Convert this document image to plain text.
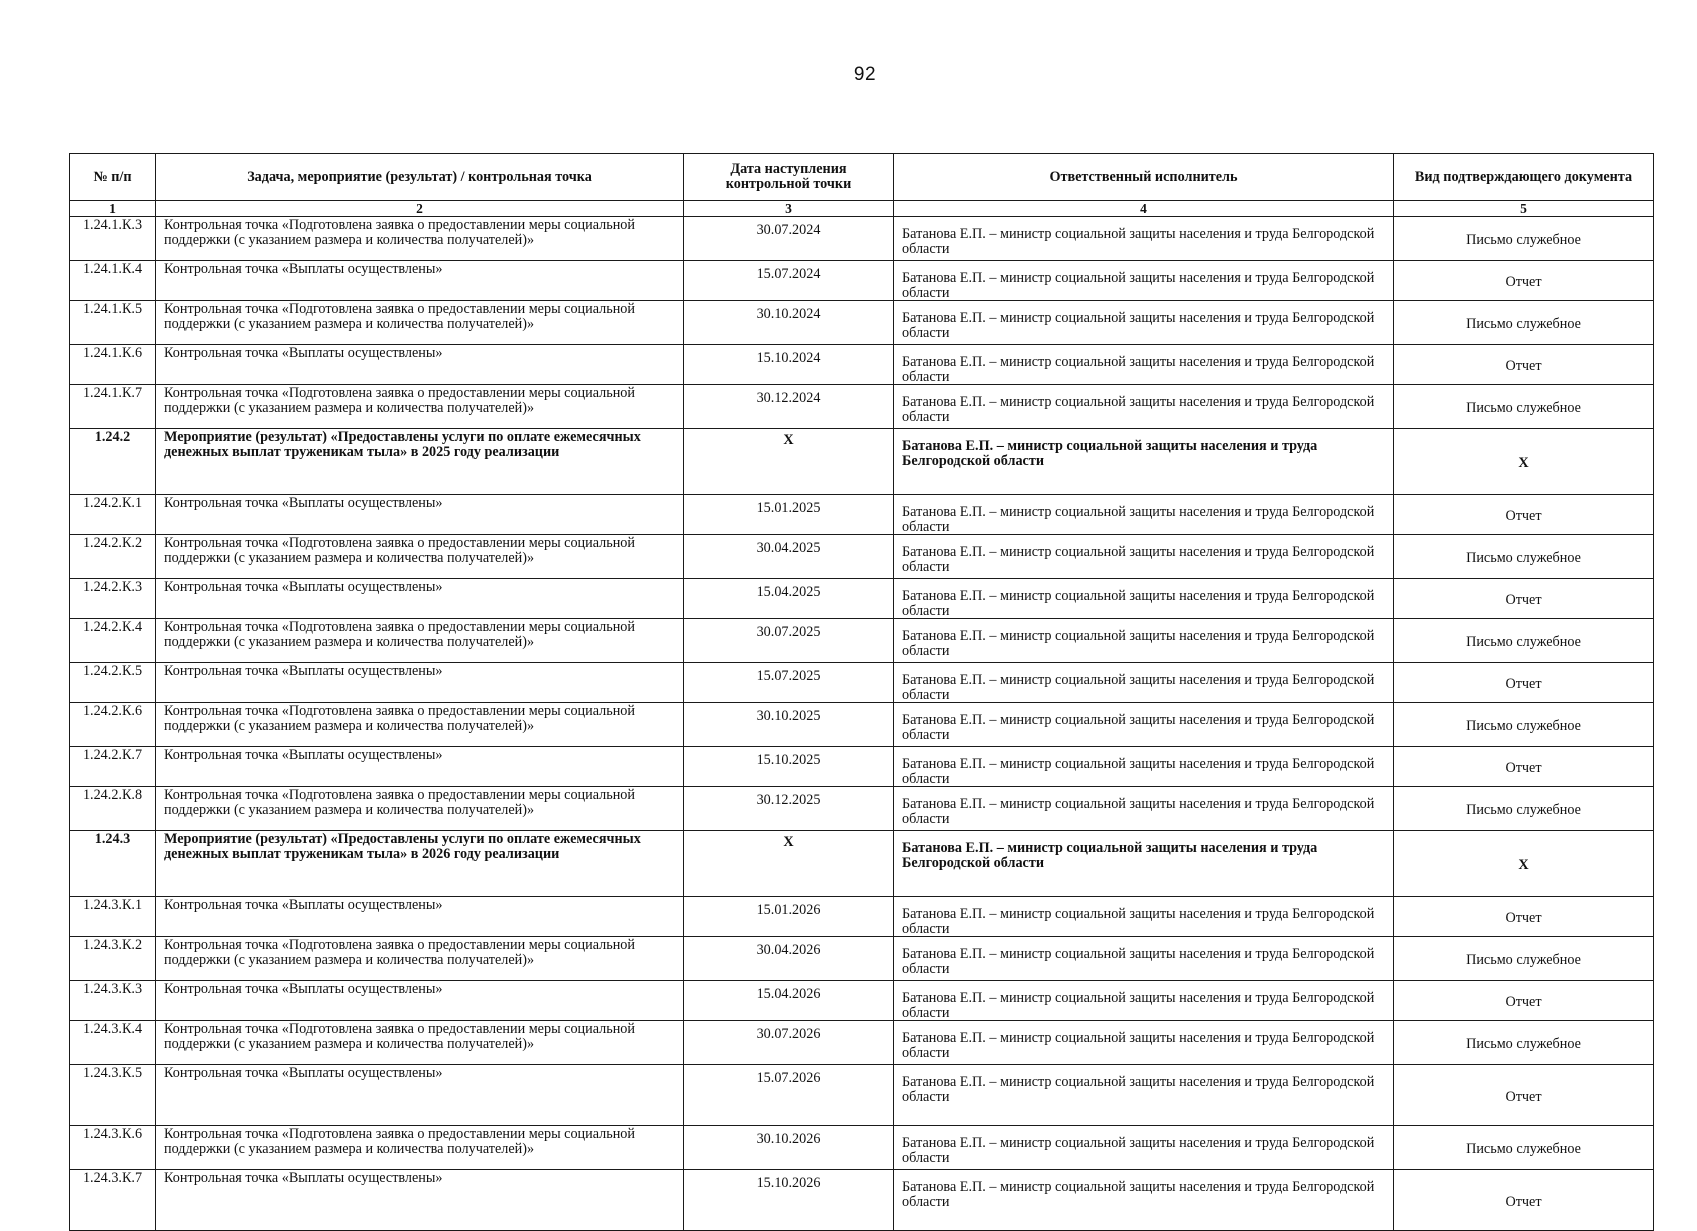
92
№ п/п	Задача, мероприятие (результат) / контрольная точка	Дата наступления контрольной точки	Ответственный исполнитель	Вид подтверждающего документа
1	2	3	4	5
1.24.1.К.3	Контрольная точка «Подготовлена заявка о предоставлении меры социальной поддержки (с указанием размера и количества получателей)»	30.07.2024	Батанова Е.П. – министр социальной защиты населения и труда Белгородской области	Письмо служебное
1.24.1.К.4	Контрольная точка «Выплаты осуществлены»	15.07.2024	Батанова Е.П. – министр социальной защиты населения и труда Белгородской области	Отчет
1.24.1.К.5	Контрольная точка «Подготовлена заявка о предоставлении меры социальной поддержки (с указанием размера и количества получателей)»	30.10.2024	Батанова Е.П. – министр социальной защиты населения и труда Белгородской области	Письмо служебное
1.24.1.К.6	Контрольная точка «Выплаты осуществлены»	15.10.2024	Батанова Е.П. – министр социальной защиты населения и труда Белгородской области	Отчет
1.24.1.К.7	Контрольная точка «Подготовлена заявка о предоставлении меры социальной поддержки (с указанием размера и количества получателей)»	30.12.2024	Батанова Е.П. – министр социальной защиты населения и труда Белгородской области	Письмо служебное
1.24.2	Мероприятие (результат) «Предоставлены услуги по оплате ежемесячных денежных выплат труженикам тыла» в 2025 году реализации	Х	Батанова Е.П. – министр социальной защиты населения и труда Белгородской области	Х
1.24.2.К.1	Контрольная точка «Выплаты осуществлены»	15.01.2025	Батанова Е.П. – министр социальной защиты населения и труда Белгородской области	Отчет
1.24.2.К.2	Контрольная точка «Подготовлена заявка о предоставлении меры социальной поддержки (с указанием размера и количества получателей)»	30.04.2025	Батанова Е.П. – министр социальной защиты населения и труда Белгородской области	Письмо служебное
1.24.2.К.3	Контрольная точка «Выплаты осуществлены»	15.04.2025	Батанова Е.П. – министр социальной защиты населения и труда Белгородской области	Отчет
1.24.2.К.4	Контрольная точка «Подготовлена заявка о предоставлении меры социальной поддержки (с указанием размера и количества получателей)»	30.07.2025	Батанова Е.П. – министр социальной защиты населения и труда Белгородской области	Письмо служебное
1.24.2.К.5	Контрольная точка «Выплаты осуществлены»	15.07.2025	Батанова Е.П. – министр социальной защиты населения и труда Белгородской области	Отчет
1.24.2.К.6	Контрольная точка «Подготовлена заявка о предоставлении меры социальной поддержки (с указанием размера и количества получателей)»	30.10.2025	Батанова Е.П. – министр социальной защиты населения и труда Белгородской области	Письмо служебное
1.24.2.К.7	Контрольная точка «Выплаты осуществлены»	15.10.2025	Батанова Е.П. – министр социальной защиты населения и труда Белгородской области	Отчет
1.24.2.К.8	Контрольная точка «Подготовлена заявка о предоставлении меры социальной поддержки (с указанием размера и количества получателей)»	30.12.2025	Батанова Е.П. – министр социальной защиты населения и труда Белгородской области	Письмо служебное
1.24.3	Мероприятие (результат) «Предоставлены услуги по оплате ежемесячных денежных выплат труженикам тыла» в 2026 году реализации	Х	Батанова Е.П. – министр социальной защиты населения и труда Белгородской области	Х
1.24.3.К.1	Контрольная точка «Выплаты осуществлены»	15.01.2026	Батанова Е.П. – министр социальной защиты населения и труда Белгородской области	Отчет
1.24.3.К.2	Контрольная точка «Подготовлена заявка о предоставлении меры социальной поддержки (с указанием размера и количества получателей)»	30.04.2026	Батанова Е.П. – министр социальной защиты населения и труда Белгородской области	Письмо служебное
1.24.3.К.3	Контрольная точка «Выплаты осуществлены»	15.04.2026	Батанова Е.П. – министр социальной защиты населения и труда Белгородской области	Отчет
1.24.3.К.4	Контрольная точка «Подготовлена заявка о предоставлении меры социальной поддержки (с указанием размера и количества получателей)»	30.07.2026	Батанова Е.П. – министр социальной защиты населения и труда Белгородской области	Письмо служебное
1.24.3.К.5	Контрольная точка «Выплаты осуществлены»	15.07.2026	Батанова Е.П. – министр социальной защиты населения и труда Белгородской области	Отчет
1.24.3.К.6	Контрольная точка «Подготовлена заявка о предоставлении меры социальной поддержки (с указанием размера и количества получателей)»	30.10.2026	Батанова Е.П. – министр социальной защиты населения и труда Белгородской области	Письмо служебное
1.24.3.К.7	Контрольная точка «Выплаты осуществлены»	15.10.2026	Батанова Е.П. – министр социальной защиты населения и труда Белгородской области	Отчет
